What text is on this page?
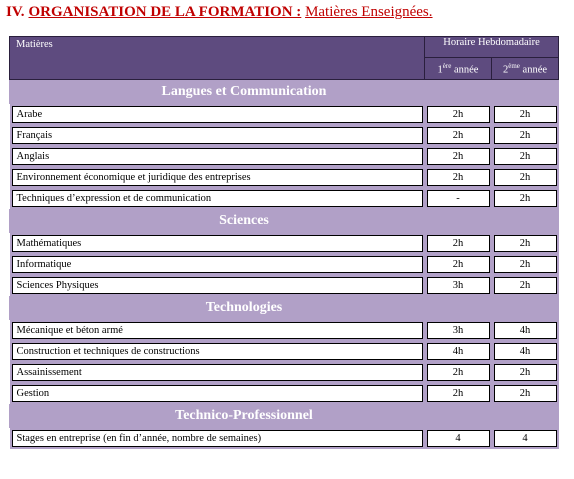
IV. ORGANISATION DE LA FORMATION : Matières Enseignées.
Matières	Horaire Hebdomadaire	
	1ère année	2ème année
Langues et Communication		

Arabe	2h	2h

Français	2h	2h

Anglais	2h	2h

Environnement économique et juridique des entreprises	2h	2h

Techniques d’expression et de communication	-	2h

Sciences		

Mathématiques	2h	2h

Informatique	2h	2h

Sciences Physiques	3h	2h

Technologies		

Mécanique et béton armé	3h	4h

Construction et techniques de constructions	4h	4h

Assainissement	2h	2h

Gestion	2h	2h

Technico-Professionnel		

Stages en entreprise (en fin d’année, nombre de semaines)	4	4
